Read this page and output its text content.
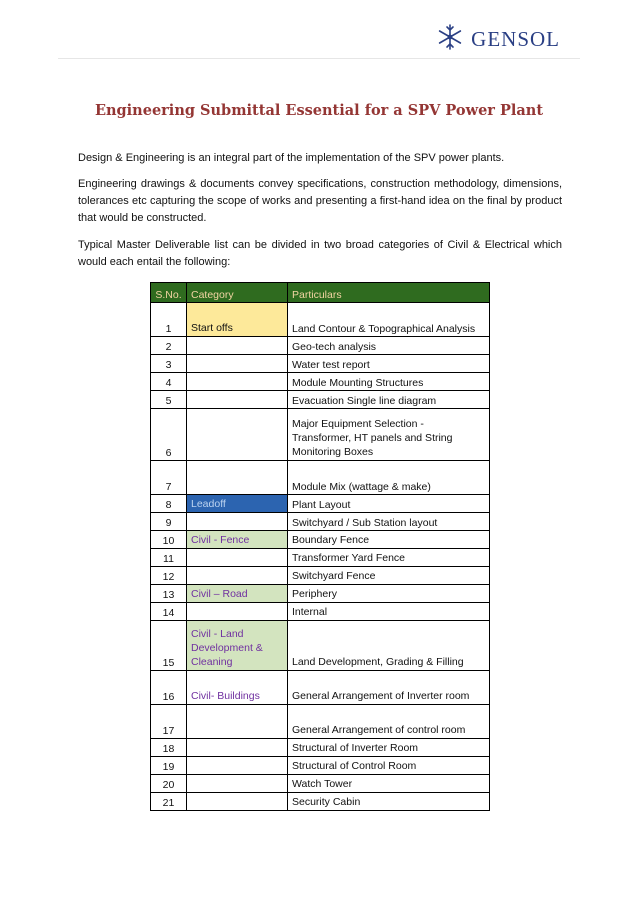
GENSOL
Engineering Submittal Essential for a SPV Power Plant
Design & Engineering is an integral part of the implementation of the SPV power plants.
Engineering drawings & documents convey specifications, construction methodology, dimensions, tolerances etc capturing the scope of works and presenting a first-hand idea on the final by product that would be constructed.
Typical Master Deliverable list can be divided in two broad categories of Civil & Electrical which would each entail the following:
S.No.	Category	Particulars
1	Start offs	Land Contour & Topographical Analysis
2		Geo-tech analysis
3		Water test report
4		Module Mounting Structures
5		Evacuation Single line diagram
6		Major Equipment Selection - Transformer, HT panels and String Monitoring Boxes
7		Module Mix (wattage & make)
8	Leadoff	Plant Layout
9		Switchyard / Sub Station layout
10	Civil - Fence	Boundary Fence
11		Transformer Yard Fence
12		Switchyard Fence
13	Civil – Road	Periphery
14		Internal
15	Civil - Land Development & Cleaning	Land Development, Grading & Filling
16	Civil- Buildings	General Arrangement of Inverter room
17		General Arrangement of control room
18		Structural of Inverter Room
19		Structural of Control Room
20		Watch Tower
21		Security Cabin
